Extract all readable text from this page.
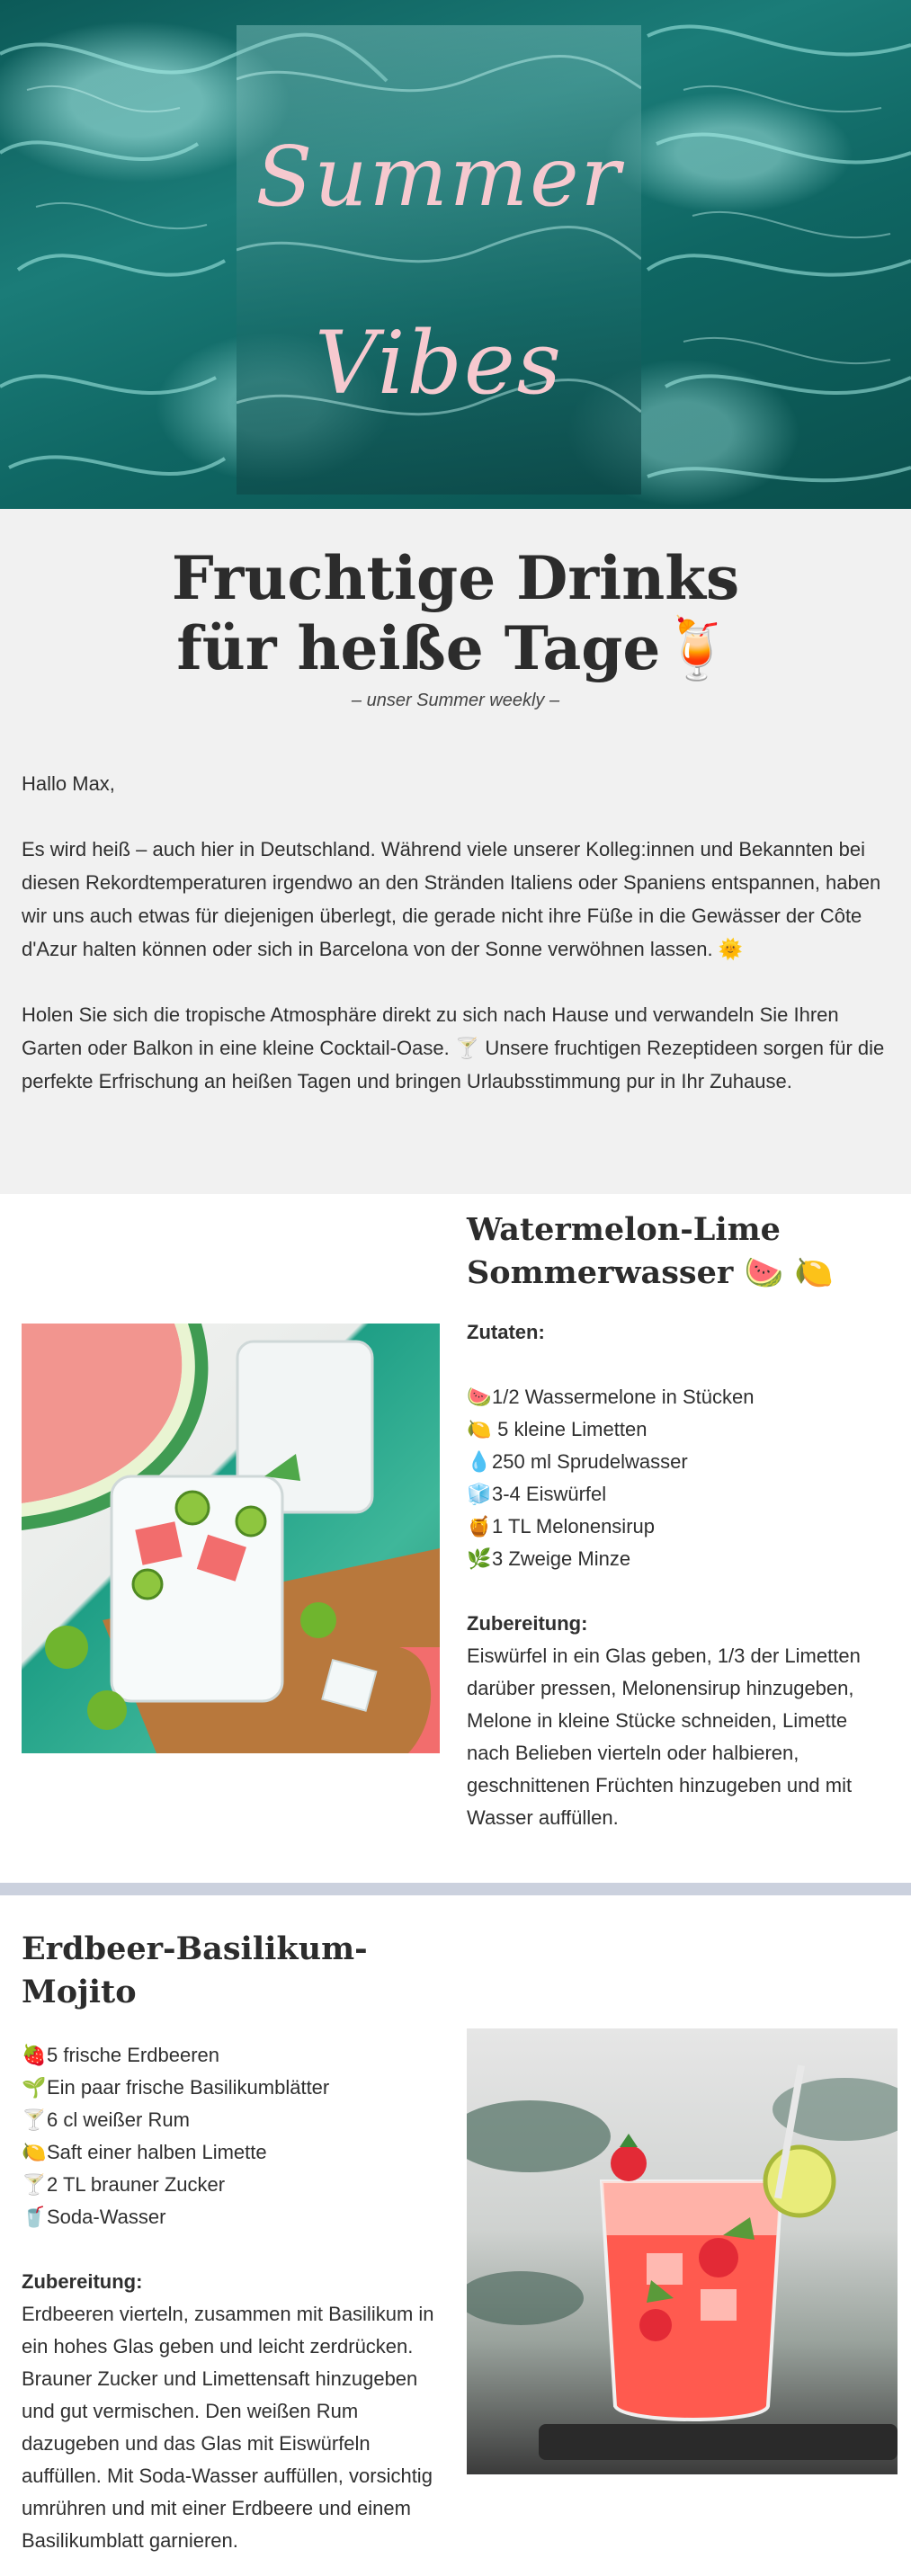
Summer
Vibes
Fruchtige Drinks
für heiße Tage🍹
– unser Summer weekly –

Hallo Max,

Es wird heiß – auch hier in Deutschland. Während viele unserer Kolleg:innen und Bekannten bei diesen Rekordtemperaturen irgendwo an den Stränden Italiens oder Spaniens entspannen, haben wir uns auch etwas für diejenigen überlegt, die gerade nicht ihre Füße in die Gewässer der Côte d'Azur halten können oder sich in Barcelona von der Sonne verwöhnen lassen. 🌞

Holen Sie sich die tropische Atmosphäre direkt zu sich nach Hause und verwandeln Sie Ihren Garten oder Balkon in eine kleine Cocktail-Oase. 🍸 Unsere fruchtigen Rezeptideen sorgen für die perfekte Erfrischung an heißen Tagen und bringen Urlaubsstimmung pur in Ihr Zuhause.

Watermelon-Lime Sommerwasser 🍉 🍋
Zutaten:
🍉1/2 Wassermelone in Stücken
🍋 5 kleine Limetten
💧250 ml Sprudelwasser
🧊3-4 Eiswürfel
🍯1 TL Melonensirup
🌿3 Zweige Minze
Zubereitung:

Eiswürfel in ein Glas geben, 1/3 der Limetten darüber pressen, Melonensirup hinzugeben, Melone in kleine Stücke schneiden, Limette nach Belieben vierteln oder halbieren, geschnittenen Früchten hinzugeben und mit Wasser auffüllen.

Erdbeer-Basilikum-Mojito
🍓5 frische Erdbeeren
🌱Ein paar frische Basilikumblätter
🍸6 cl weißer Rum
🍋Saft einer halben Limette
🍸2 TL brauner Zucker
🥤Soda-Wasser
Zubereitung:

Erdbeeren vierteln, zusammen mit Basilikum in ein hohes Glas geben und leicht zerdrücken. Brauner Zucker und Limettensaft hinzugeben und gut vermischen. Den weißen Rum dazugeben und das Glas mit Eiswürfeln auffüllen. Mit Soda-Wasser auffüllen, vorsichtig umrühren und mit einer Erdbeere und einem Basilikumblatt garnieren.
